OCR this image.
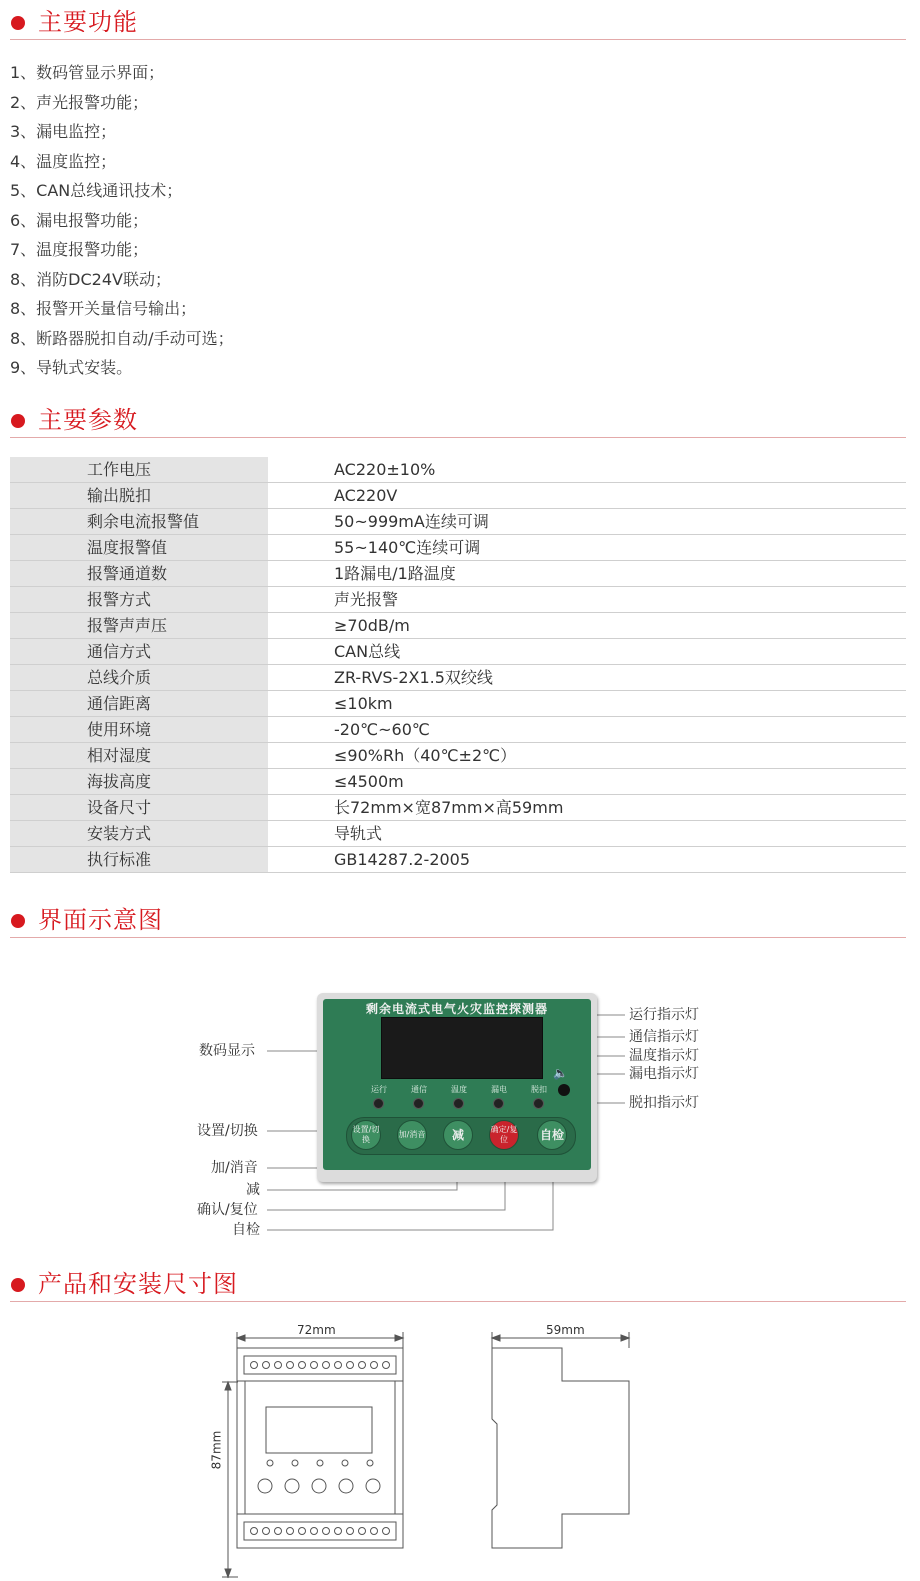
主要功能
1、数码管显示界面；
2、声光报警功能；
3、漏电监控；
4、温度监控；
5、CAN总线通讯技术；
6、漏电报警功能；
7、温度报警功能；
8、消防DC24V联动；
8、报警开关量信号输出；
8、断路器脱扣自动/手动可选；
9、导轨式安装。
主要参数
工作电压	AC220±10%
输出脱扣	AC220V
剩余电流报警值	50~999mA连续可调
温度报警值	55~140℃连续可调
报警通道数	1路漏电/1路温度
报警方式	声光报警
报警声声压	≥70dB/m
通信方式	CAN总线
总线介质	ZR-RVS-2X1.5双绞线
通信距离	≤10km
使用环境	-20℃~60℃
相对湿度	≤90%Rh（40℃±2℃）
海拔高度	≤4500m
设备尺寸	长72mm×宽87mm×高59mm
安装方式	导轨式
执行标准	GB14287.2-2005
界面示意图
数码显示
设置/切换
加/消音
减
确认/复位
自检
运行指示灯
通信指示灯
温度指示灯
漏电指示灯
脱扣指示灯
剩余电流式电气火灾监控探测器
🔈
运行	通信	温度	漏电	脱扣
设置/切换
加/消音	减	确定/复位	自检
产品和安装尺寸图
72mm
87mm
59mm
